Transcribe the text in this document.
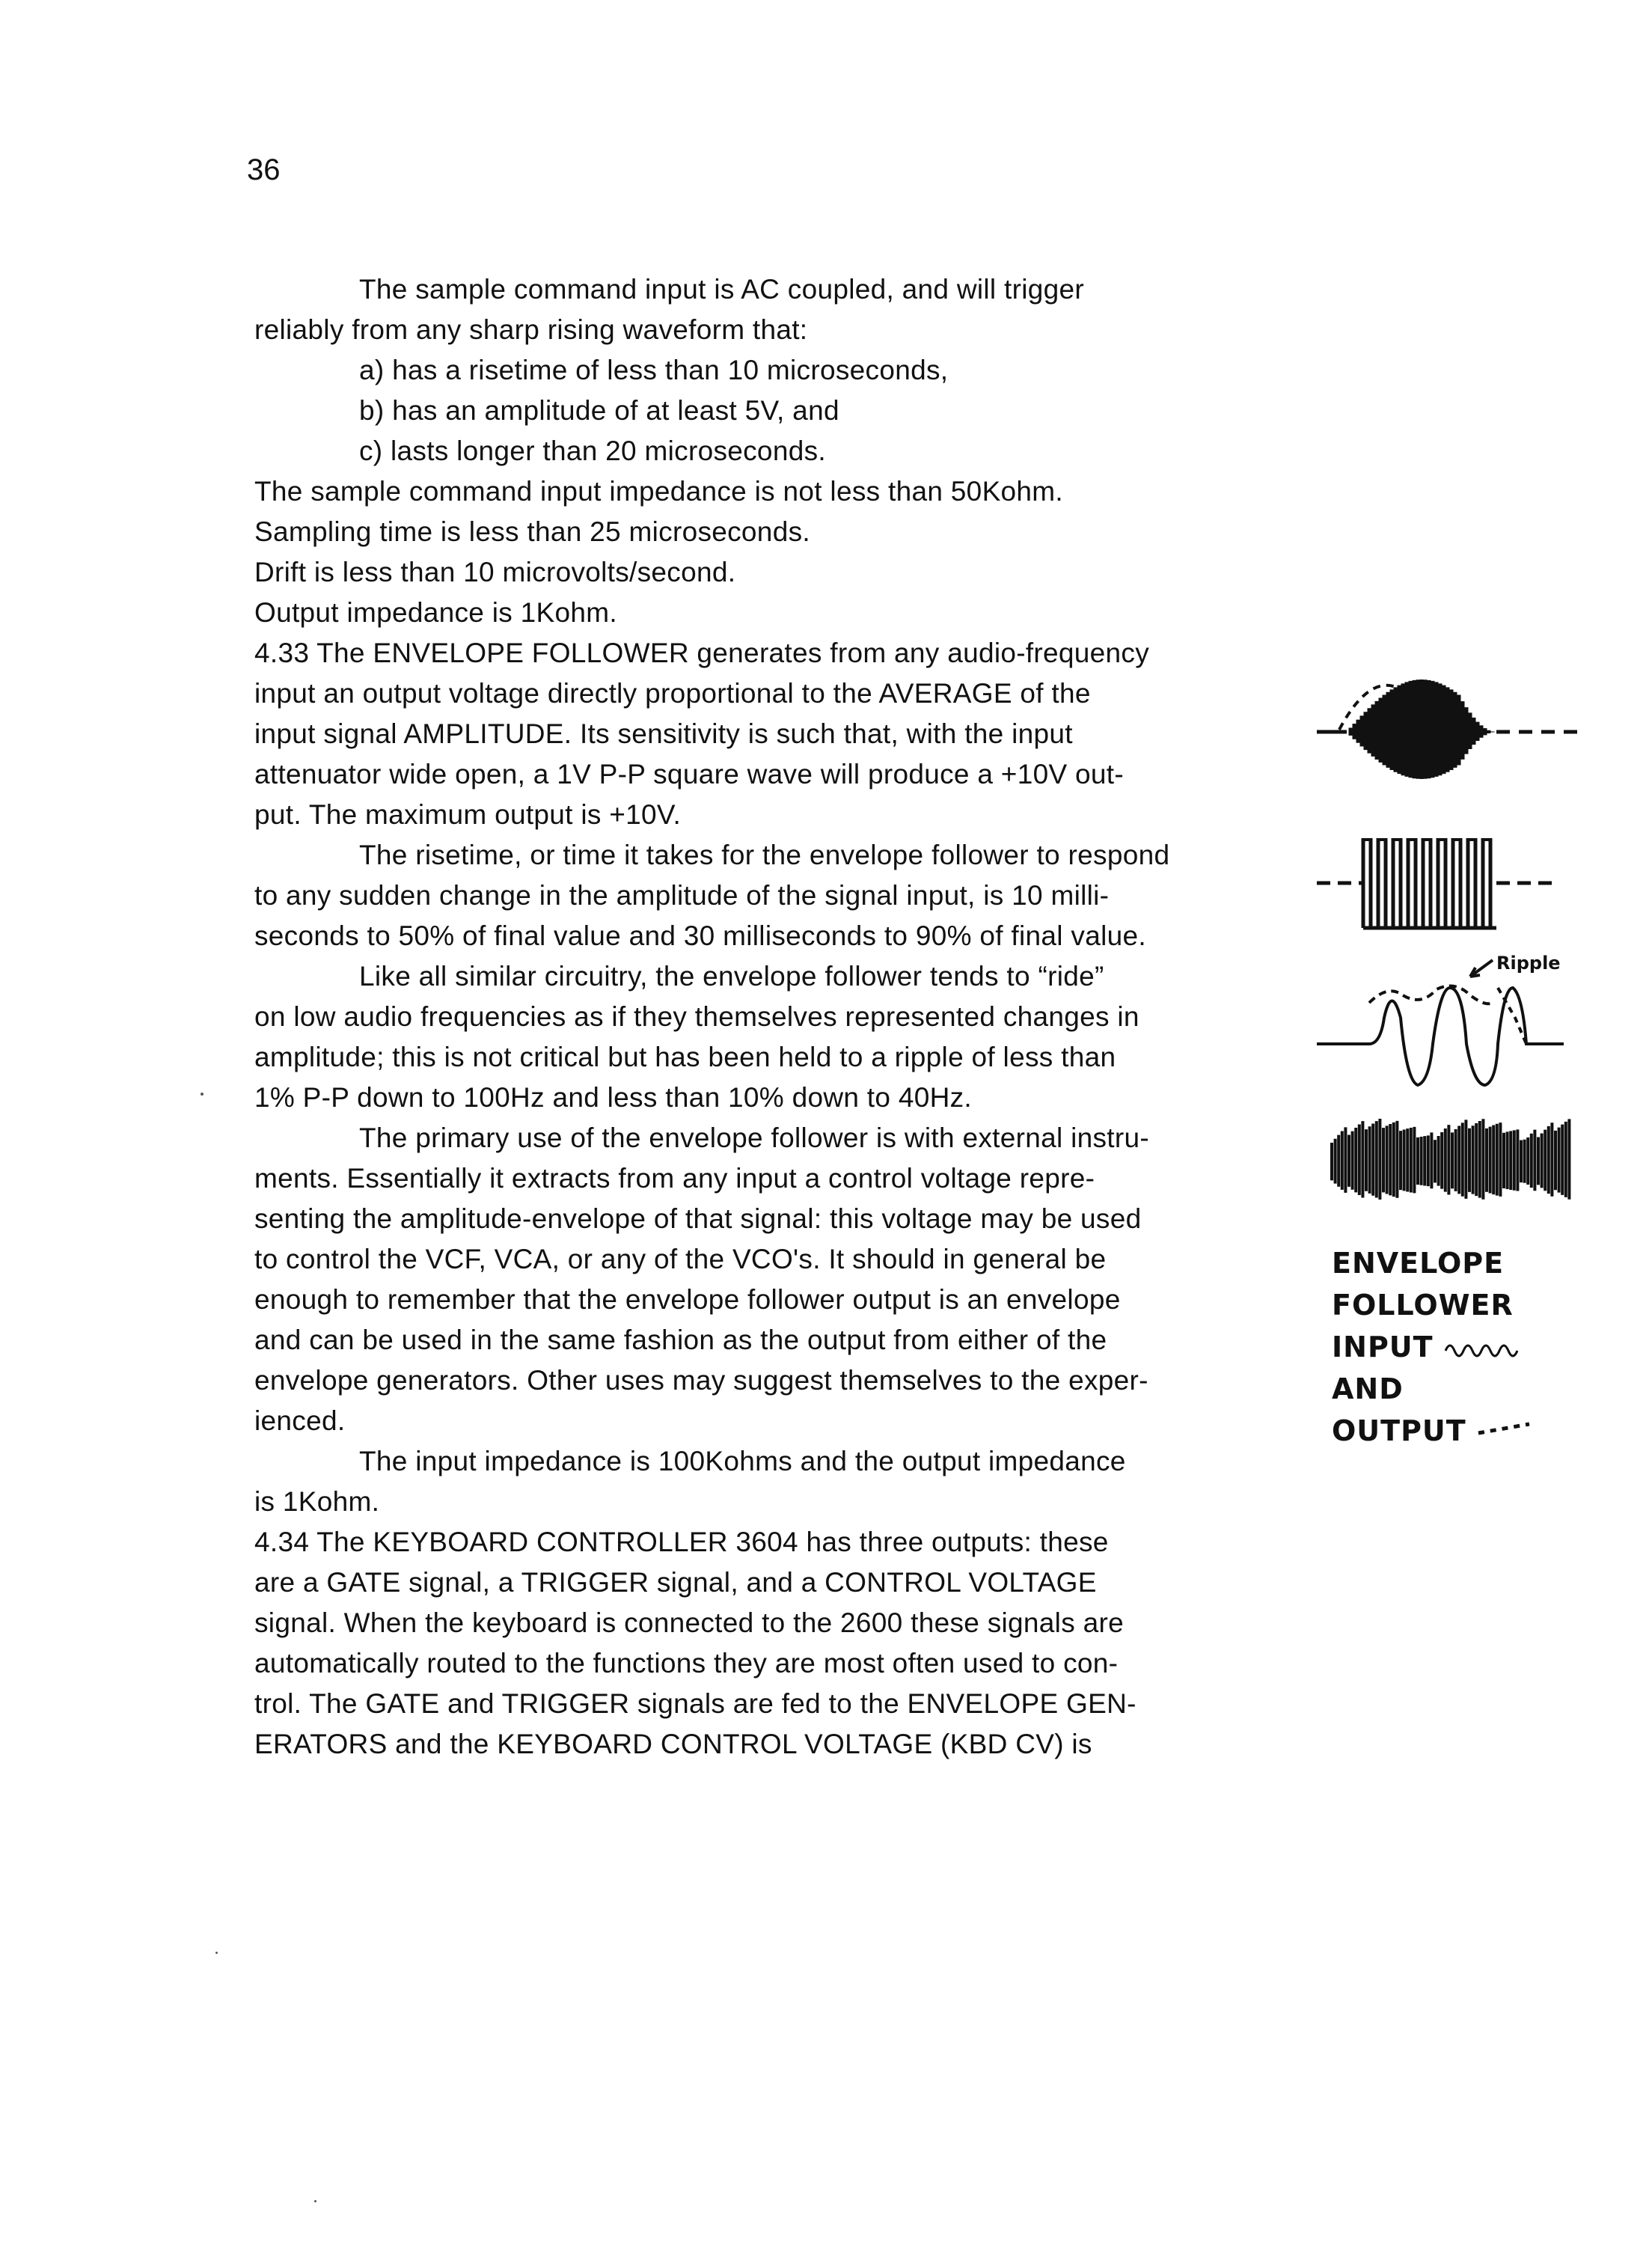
36
The sample command input is AC coupled, and will trigger
reliably from any sharp rising waveform that:
a) has a risetime of less than 10 microseconds,
b) has an amplitude of at least 5V, and
c) lasts longer than 20 microseconds.
The sample command input impedance is not less than 50Kohm.
Sampling time is less than 25 microseconds.
Drift is less than 10 microvolts/second.
Output impedance is 1Kohm.
4.33 The ENVELOPE FOLLOWER generates from any audio-frequency
input an output voltage directly proportional to the AVERAGE of the
input signal AMPLITUDE. Its sensitivity is such that, with the input
attenuator wide open, a 1V P-P square wave will produce a +10V out-
put. The maximum output is +10V.
The risetime, or time it takes for the envelope follower to respond
to any sudden change in the amplitude of the signal input, is 10 milli-
seconds to 50% of final value and 30 milliseconds to 90% of final value.
Like all similar circuitry, the envelope follower tends to “ride”
on low audio frequencies as if they themselves represented changes in
amplitude; this is not critical but has been held to a ripple of less than
1% P-P down to 100Hz and less than 10% down to 40Hz.
The primary use of the envelope follower is with external instru-
ments. Essentially it extracts from any input a control voltage repre-
senting the amplitude-envelope of that signal: this voltage may be used
to control the VCF, VCA, or any of the VCO's. It should in general be
enough to remember that the envelope follower output is an envelope
and can be used in the same fashion as the output from either of the
envelope generators. Other uses may suggest themselves to the exper-
ienced.
The input impedance is 100Kohms and the output impedance
is 1Kohm.
4.34 The KEYBOARD CONTROLLER 3604 has three outputs: these
are a GATE signal, a TRIGGER signal, and a CONTROL VOLTAGE
signal. When the keyboard is connected to the 2600 these signals are
automatically routed to the functions they are most often used to con-
trol. The GATE and TRIGGER signals are fed to the ENVELOPE GEN-
ERATORS and the KEYBOARD CONTROL VOLTAGE (KBD CV) is
Ripple
ENVELOPE
FOLLOWER
INPUT
AND
OUTPUT
